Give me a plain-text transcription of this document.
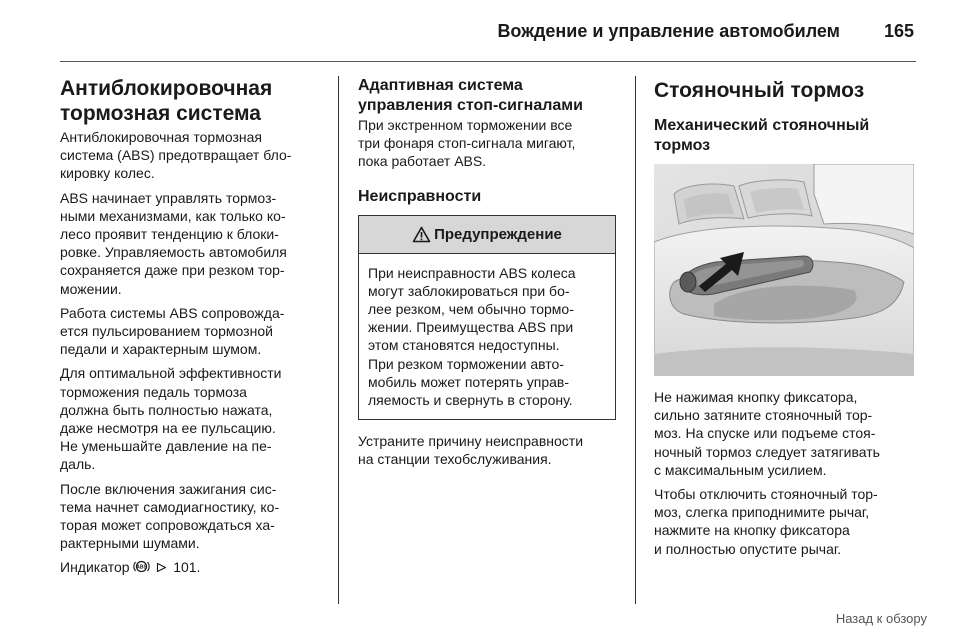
Вождение и управление автомобилем 165
Антиблокировочная
тормозная система
Антиблокировочная тормозная
система (ABS) предотвращает бло-
кировку колес.
ABS начинает управлять тормоз-
ными механизмами, как только ко-
лесо проявит тенденцию к блоки-
ровке. Управляемость автомобиля
сохраняется даже при резком тор-
можении.
Работа системы ABS сопровожда-
ется пульсированием тормозной
педали и характерным шумом.
Для оптимальной эффективности
торможения педаль тормоза
должна быть полностью нажата,
даже несмотря на ее пульсацию.
Не уменьшайте давление на пе-
даль.
После включения зажигания сис-
тема начнет самодиагностику, ко-
торая может сопровождаться ха-
рактерными шумами.
Индикатор ABS 101.
Адаптивная система
управления стоп-сигналами
При экстренном торможении все
три фонаря стоп-сигнала мигают,
пока работает ABS.
Неисправности
Предупреждение
При неисправности ABS колеса
могут заблокироваться при бо-
лее резком, чем обычно тормо-
жении. Преимущества ABS при
этом становятся недоступны.
При резком торможении авто-
мобиль может потерять управ-
ляемость и свернуть в сторону.
Устраните причину неисправности
на станции техобслуживания.
Стояночный тормоз
Механический стояночный
тормоз
Не нажимая кнопку фиксатора,
сильно затяните стояночный тор-
моз. На спуске или подъеме стоя-
ночный тормоз следует затягивать
с максимальным усилием.
Чтобы отключить стояночный тор-
моз, слегка приподнимите рычаг,
нажмите на кнопку фиксатора
и полностью опустите рычаг.
Назад к обзору
